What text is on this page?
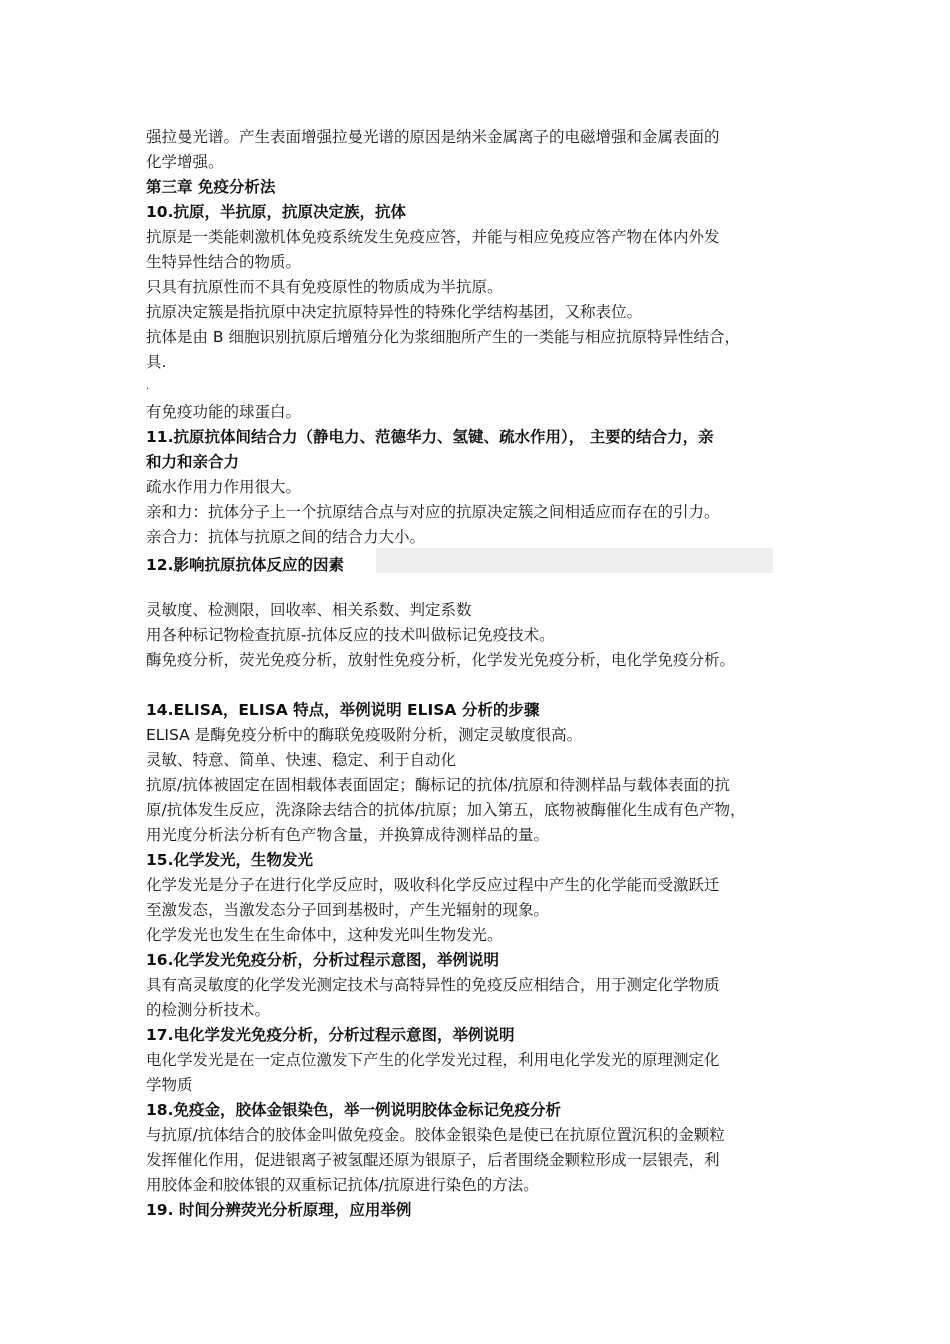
强拉曼光谱。产生表面增强拉曼光谱的原因是纳米金属离子的电磁增强和金属表面的
化学增强。
第三章 免疫分析法
10.抗原，半抗原，抗原决定族，抗体
抗原是一类能刺激机体免疫系统发生免疫应答，并能与相应免疫应答产物在体内外发
生特异性结合的物质。
只具有抗原性而不具有免疫原性的物质成为半抗原。
抗原决定簇是指抗原中决定抗原特异性的特殊化学结构基团，又称表位。
抗体是由 B 细胞识别抗原后增殖分化为浆细胞所产生的一类能与相应抗原特异性结合，
具.
.
有免疫功能的球蛋白。
11.抗原抗体间结合力（静电力、范德华力、氢键、疏水作用）， 主要的结合力，亲
和力和亲合力
疏水作用力作用很大。
亲和力：抗体分子上一个抗原结合点与对应的抗原决定簇之间相适应而存在的引力。
亲合力：抗体与抗原之间的结合力大小。
12.影响抗原抗体反应的因素
灵敏度、检测限，回收率、相关系数、判定系数
用各种标记物检查抗原-抗体反应的技术叫做标记免疫技术。
酶免疫分析，荧光免疫分析，放射性免疫分析，化学发光免疫分析，电化学免疫分析。
14.ELISA，ELISA 特点，举例说明 ELISA 分析的步骤
ELISA 是酶免疫分析中的酶联免疫吸附分析，测定灵敏度很高。
灵敏、特意、简单、快速、稳定、利于自动化
抗原/抗体被固定在固相载体表面固定；酶标记的抗体/抗原和待测样品与载体表面的抗
原/抗体发生反应，洗涤除去结合的抗体/抗原；加入第五，底物被酶催化生成有色产物，
用光度分析法分析有色产物含量，并换算成待测样品的量。
15.化学发光，生物发光
化学发光是分子在进行化学反应时，吸收科化学反应过程中产生的化学能而受激跃迁
至激发态，当激发态分子回到基极时，产生光辐射的现象。
化学发光也发生在生命体中，这种发光叫生物发光。
16.化学发光免疫分析，分析过程示意图，举例说明
具有高灵敏度的化学发光测定技术与高特异性的免疫反应相结合，用于测定化学物质
的检测分析技术。
17.电化学发光免疫分析，分析过程示意图，举例说明
电化学发光是在一定点位激发下产生的化学发光过程，利用电化学发光的原理测定化
学物质
18.免疫金，胶体金银染色，举一例说明胶体金标记免疫分析
与抗原/抗体结合的胶体金叫做免疫金。胶体金银染色是使已在抗原位置沉积的金颗粒
发挥催化作用，促进银离子被氢醌还原为银原子，后者围绕金颗粒形成一层银壳，利
用胶体金和胶体银的双重标记抗体/抗原进行染色的方法。
19. 时间分辨荧光分析原理，应用举例
